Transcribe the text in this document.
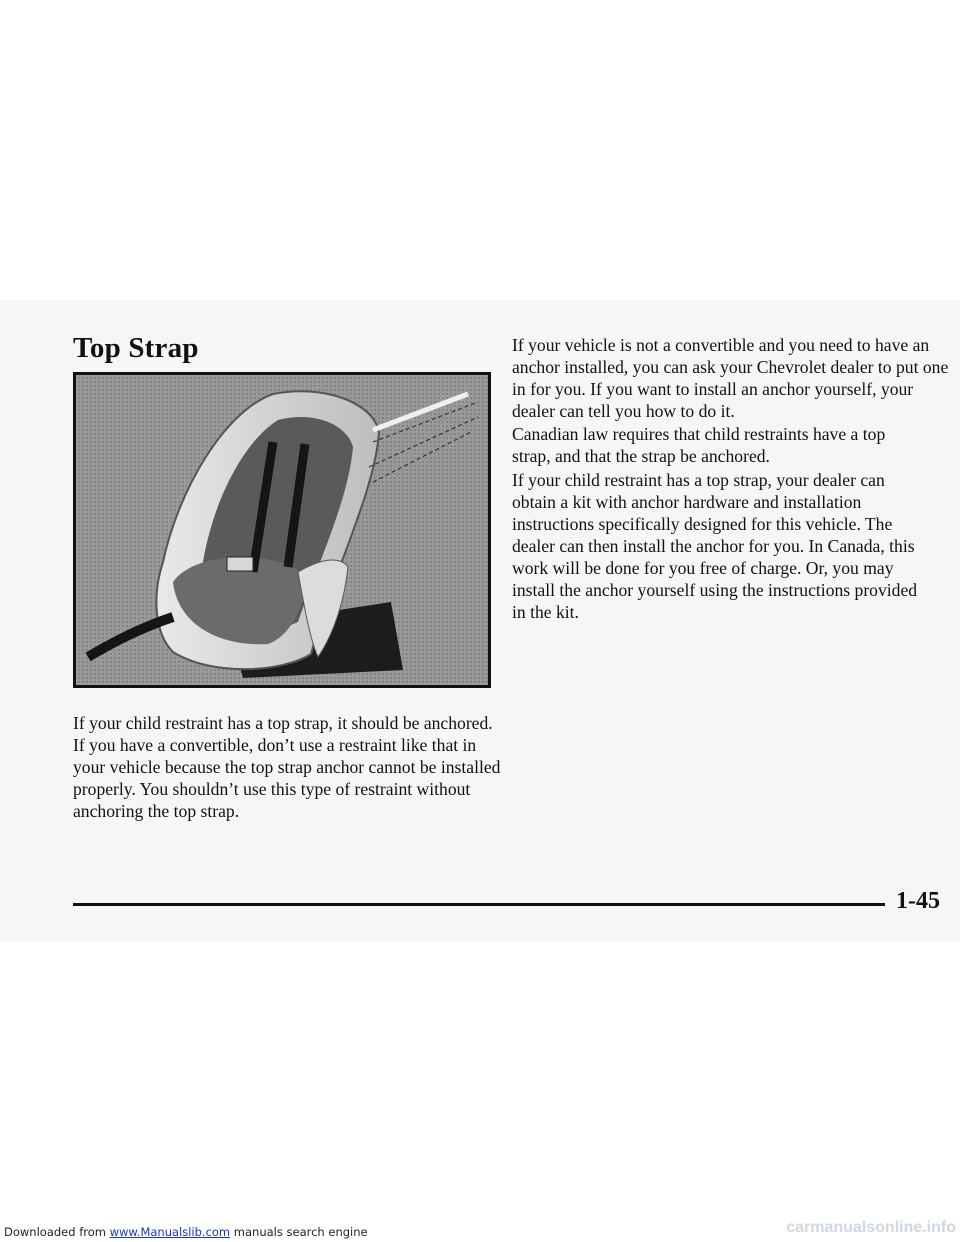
Top Strap

If your child restraint has a top strap, it should be anchored. If you have a convertible, don’t use a restraint like that in your vehicle because the top strap anchor cannot be installed properly. You shouldn’t use this type of restraint without anchoring the top strap.

If your vehicle is not a convertible and you need to have an anchor installed, you can ask your Chevrolet dealer to put one in for you. If you want to install an anchor yourself, your dealer can tell you how to do it.

Canadian law requires that child restraints have a top strap, and that the strap be anchored.

If your child restraint has a top strap, your dealer can obtain a kit with anchor hardware and installation instructions specifically designed for this vehicle. The dealer can then install the anchor for you. In Canada, this work will be done for you free of charge. Or, you may install the anchor yourself using the instructions provided in the kit.

1-45

Downloaded from www.Manualslib.com manuals search engine	carmanualsonline.info
